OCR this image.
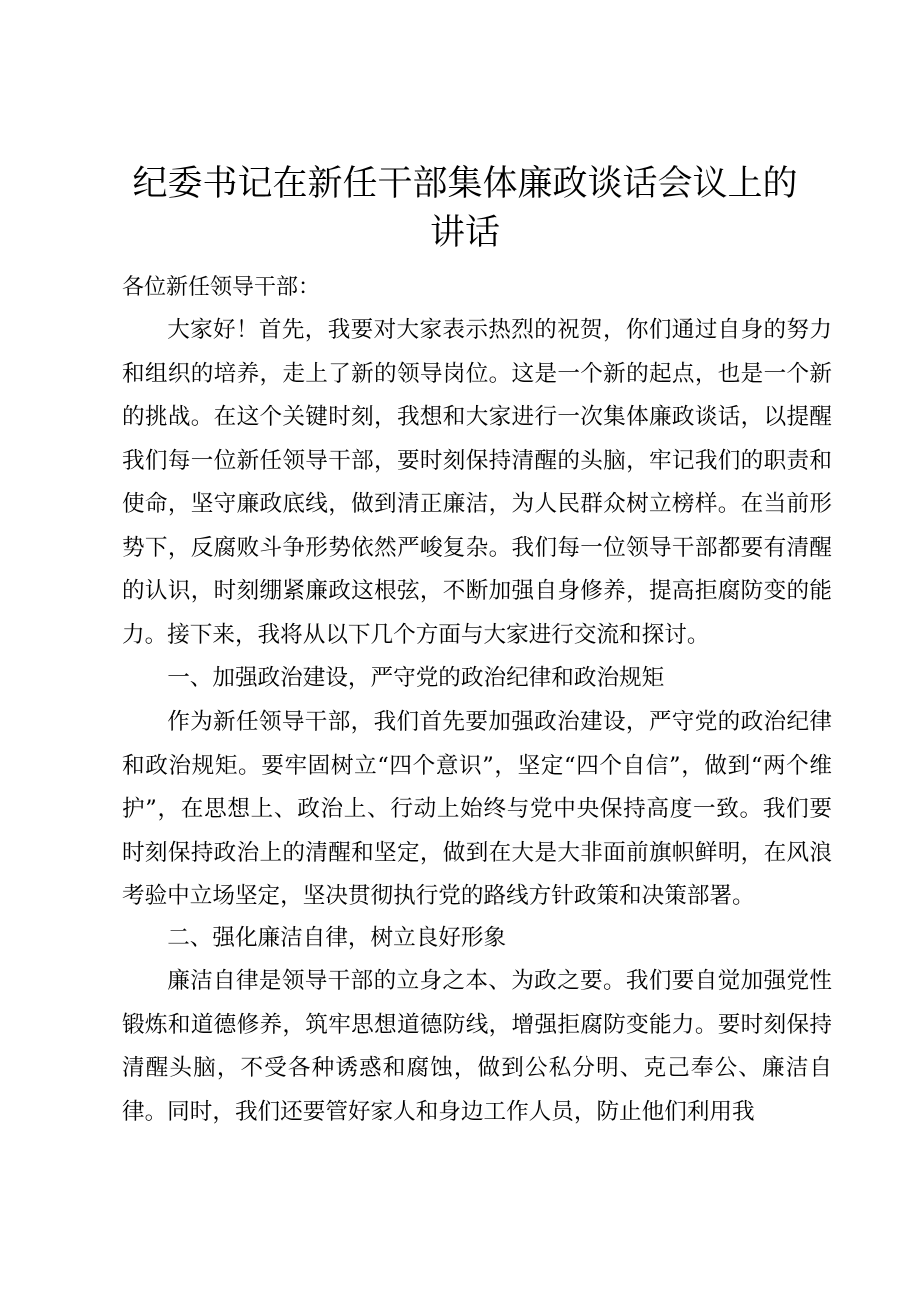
纪委书记在新任干部集体廉政谈话会议上的讲话

各位新任领导干部：

大家好！首先，我要对大家表示热烈的祝贺，你们通过自身的努力和组织的培养，走上了新的领导岗位。这是一个新的起点，也是一个新的挑战。在这个关键时刻，我想和大家进行一次集体廉政谈话，以提醒我们每一位新任领导干部，要时刻保持清醒的头脑，牢记我们的职责和使命，坚守廉政底线，做到清正廉洁，为人民群众树立榜样。在当前形势下，反腐败斗争形势依然严峻复杂。我们每一位领导干部都要有清醒的认识，时刻绷紧廉政这根弦，不断加强自身修养，提高拒腐防变的能力。接下来，我将从以下几个方面与大家进行交流和探讨。

一、加强政治建设，严守党的政治纪律和政治规矩

作为新任领导干部，我们首先要加强政治建设，严守党的政治纪律和政治规矩。要牢固树立“四个意识”，坚定“四个自信”，做到“两个维护”，在思想上、政治上、行动上始终与党中央保持高度一致。我们要时刻保持政治上的清醒和坚定，做到在大是大非面前旗帜鲜明，在风浪考验中立场坚定，坚决贯彻执行党的路线方针政策和决策部署。

二、强化廉洁自律，树立良好形象

廉洁自律是领导干部的立身之本、为政之要。我们要自觉加强党性锻炼和道德修养，筑牢思想道德防线，增强拒腐防变能力。要时刻保持清醒头脑，不受各种诱惑和腐蚀，做到公私分明、克己奉公、廉洁自律。同时，我们还要管好家人和身边工作人员，防止他们利用我
